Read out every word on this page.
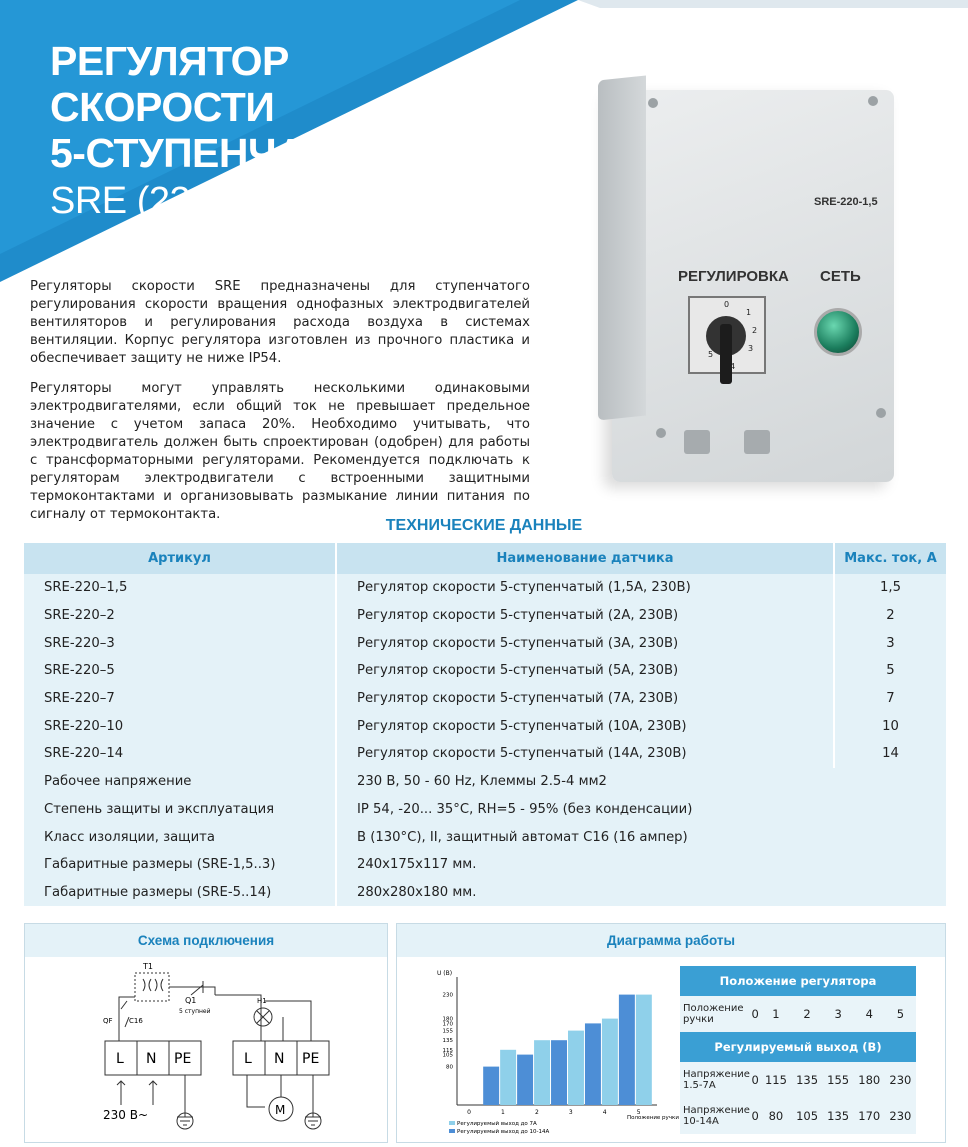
РЕГУЛЯТОР
СКОРОСТИ
5-СТУПЕНЧАТЫЙ
SRE (220В)

Регуляторы скорости SRE предназначены для ступенчатого регулирования скорости вращения однофазных электродвигателей вентиляторов и регулирования расхода воздуха в системах вентиляции. Корпус регулятора изготовлен из прочного пластика и обеспечивает защиту не ниже IP54.

Регуляторы могут управлять несколькими одинаковыми электродвигателями, если общий ток не превышает предельное значение с учетом запаса 20%. Необходимо учитывать, что электродвигатель должен быть спроектирован (одобрен) для работы с трансформаторными регуляторами. Рекомендуется подключать к регуляторам электродвигатели с встроенными защитными термоконтактами и организовывать размыкание линии питания по сигналу от термоконтакта.

SRE-220-1,5
РЕГУЛИРОВКА СЕТЬ
0
1
2
3
4
5
ТЕХНИЧЕСКИЕ ДАННЫЕ
Артикул	Наименование датчика	Макс. ток, А
SRE-220–1,5	Регулятор скорости 5-ступенчатый (1,5А, 230В)	1,5
SRE-220–2	Регулятор скорости 5-ступенчатый (2А, 230В)	2
SRE-220–3	Регулятор скорости 5-ступенчатый (3А, 230В)	3
SRE-220–5	Регулятор скорости 5-ступенчатый (5А, 230В)	5
SRE-220–7	Регулятор скорости 5-ступенчатый (7А, 230В)	7
SRE-220–10	Регулятор скорости 5-ступенчатый (10А, 230В)	10
SRE-220–14	Регулятор скорости 5-ступенчатый (14А, 230В)	14
Рабочее напряжение	230 В, 50 - 60 Hz, Клеммы 2.5-4 мм2	
Степень защиты и эксплуатация	IP 54, -20... 35°C, RH=5 - 95% (без конденсации)	
Класс изоляции, защита	B (130°C), II, защитный автомат C16 (16 ампер)	
Габаритные размеры (SRE-1,5..3)	240x175x117 мм.	
Габаритные размеры (SRE-5..14)	280x280x180 мм.	
Схема подключения
T1
Q1
5 ступней
QF C16
H1
L N PE	L N PE
230 В~	M
Диаграмма работы
U (В)
230
180
170
155
135
115
105
80
0	1	2	3	4	5
Положение ручки
Регулируемый выход до 7А
Регулируемый выход до 10-14А
Положение регулятора						
Положение ручки	0	1	2	3	4	5
Регулируемый выход (В)						
Напряжение 1.5-7А	0	115	135	155	180	230
Напряжение 10-14А	0	80	105	135	170	230
